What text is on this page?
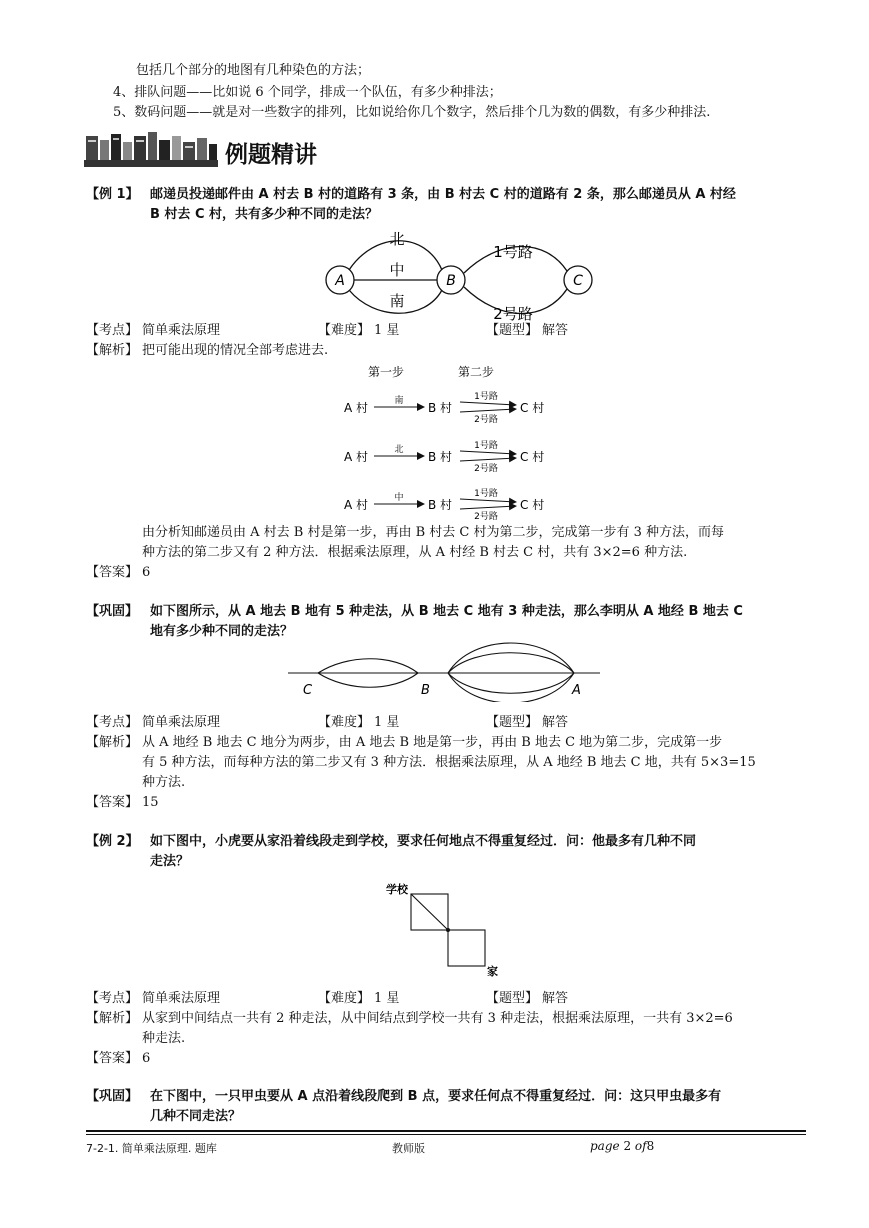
包括几个部分的地图有几种染色的方法；
4、排队问题——比如说 6 个同学，排成一个队伍，有多少种排法；
5、数码问题——就是对一些数字的排列，比如说给你几个数字，然后排个几为数的偶数，有多少种排法.
例题精讲
【例 1】 邮递员投递邮件由 A 村去 B 村的道路有 3 条，由 B 村去 C 村的道路有 2 条，那么邮递员从 A 村经
B 村去 C 村，共有多少种不同的走法？
A	B	C
北
中
南
1号路
2号路
【考点】 简单乘法原理	【难度】 1 星	【题型】 解答
【解析】 把可能出现的情况全部考虑进去.
第一步	第二步
A 村	南 B 村
1号路
2号路
C 村
A 村	北 B 村
1号路
2号路
C 村
A 村	中 B 村
1号路
2号路
C 村
由分析知邮递员由 A 村去 B 村是第一步，再由 B 村去 C 村为第二步，完成第一步有 3 种方法，而每
种方法的第二步又有 2 种方法．根据乘法原理，从 A 村经 B 村去 C 村，共有 3×2=6 种方法.
【答案】 6
【巩固】 如下图所示，从 A 地去 B 地有 5 种走法，从 B 地去 C 地有 3 种走法，那么李明从 A 地经 B 地去 C
地有多少种不同的走法？
C	B	A
【考点】 简单乘法原理	【难度】 1 星	【题型】 解答
【解析】 从 A 地经 B 地去 C 地分为两步，由 A 地去 B 地是第一步，再由 B 地去 C 地为第二步，完成第一步
有 5 种方法，而每种方法的第二步又有 3 种方法．根据乘法原理，从 A 地经 B 地去 C 地，共有 5×3=15
种方法.
【答案】 15
【例 2】 如下图中，小虎要从家沿着线段走到学校，要求任何地点不得重复经过．问：他最多有几种不同
走法？
学校
家
【考点】 简单乘法原理	【难度】 1 星	【题型】 解答
【解析】 从家到中间结点一共有 2 种走法，从中间结点到学校一共有 3 种走法，根据乘法原理，一共有 3×2=6
种走法.
【答案】 6
【巩固】 在下图中，一只甲虫要从 A 点沿着线段爬到 B 点，要求任何点不得重复经过．问：这只甲虫最多有
几种不同走法？
7-2-1. 简单乘法原理. 题库	教师版	page 2 of8
